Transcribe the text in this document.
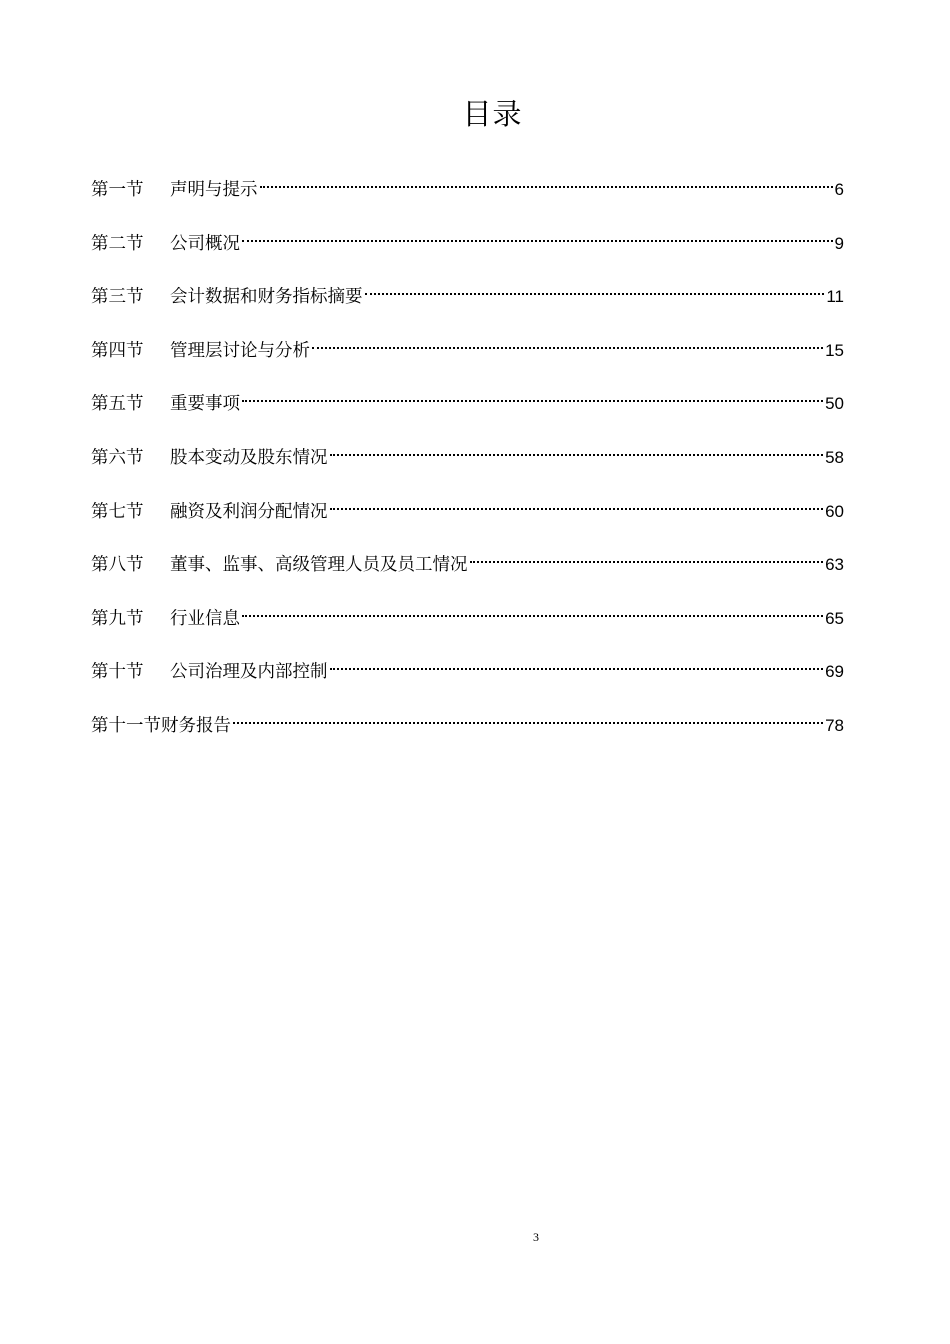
目录
第一节	声明与提示	6
第二节	公司概况	9
第三节	会计数据和财务指标摘要	11
第四节	管理层讨论与分析	15
第五节	重要事项	50
第六节	股本变动及股东情况	58
第七节	融资及利润分配情况	60
第八节	董事、监事、高级管理人员及员工情况	63
第九节	行业信息	65
第十节	公司治理及内部控制	69
第十一节 财务报告	78
3
